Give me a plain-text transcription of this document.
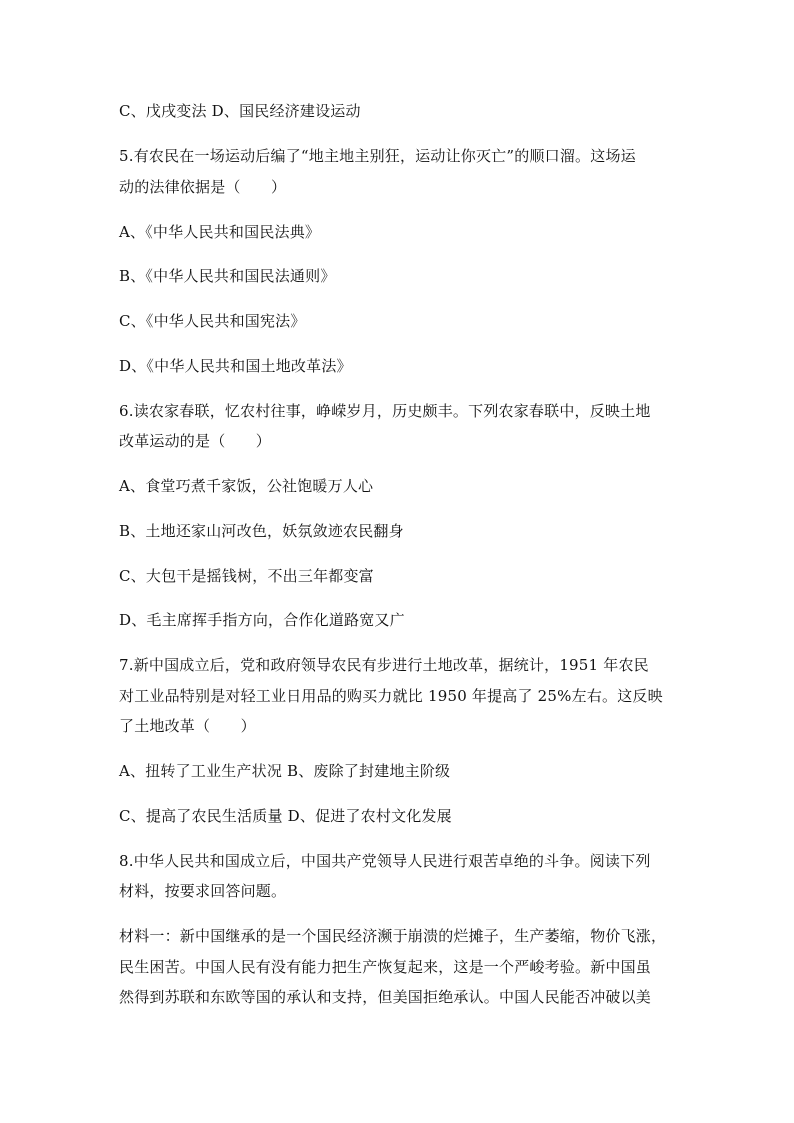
C、戊戌变法 D、国民经济建设运动
5.有农民在一场运动后编了“地主地主别狂，运动让你灭亡”的顺口溜。这场运
动的法律依据是（　　）
A、《中华人民共和国民法典》
B、《中华人民共和国民法通则》
C、《中华人民共和国宪法》
D、《中华人民共和国土地改革法》
6.读农家春联，忆农村往事，峥嵘岁月，历史颇丰。下列农家春联中，反映土地
改革运动的是（　　）
A、食堂巧煮千家饭，公社饱暖万人心
B、土地还家山河改色，妖氛敛迹农民翻身
C、大包干是摇钱树，不出三年都变富
D、毛主席挥手指方向，合作化道路宽又广
7.新中国成立后，党和政府领导农民有步进行土地改革，据统计，1951 年农民
对工业品特别是对轻工业日用品的购买力就比 1950 年提高了 25%左右。这反映
了土地改革（　　）
A、扭转了工业生产状况 B、废除了封建地主阶级
C、提高了农民生活质量 D、促进了农村文化发展
8.中华人民共和国成立后，中国共产党领导人民进行艰苦卓绝的斗争。阅读下列
材料，按要求回答问题。
材料一：新中国继承的是一个国民经济濒于崩溃的烂摊子，生产萎缩，物价飞涨，
民生困苦。中国人民有没有能力把生产恢复起来，这是一个严峻考验。新中国虽
然得到苏联和东欧等国的承认和支持，但美国拒绝承认。中国人民能否冲破以美
